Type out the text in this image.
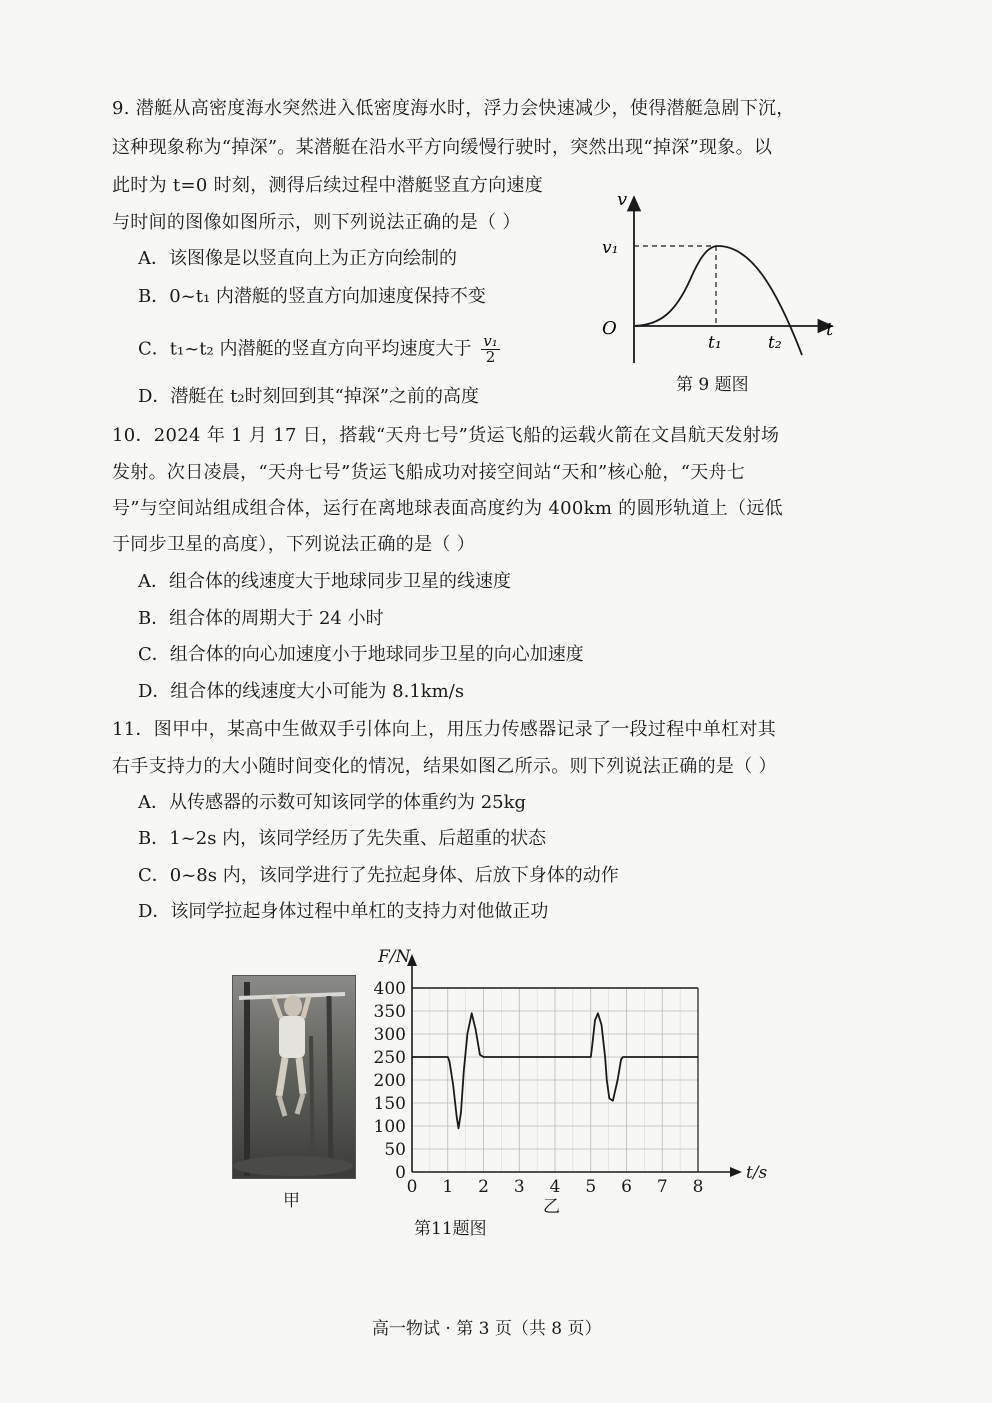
9. 潜艇从高密度海水突然进入低密度海水时，浮力会快速减少，使得潜艇急剧下沉，
这种现象称为“掉深”。某潜艇在沿水平方向缓慢行驶时，突然出现“掉深”现象。以
此时为 t=0 时刻，测得后续过程中潜艇竖直方向速度
与时间的图像如图所示，则下列说法正确的是（ ）
A．该图像是以竖直向上为正方向绘制的
B．0~t₁ 内潜艇的竖直方向加速度保持不变
C．t₁~t₂ 内潜艇的竖直方向平均速度大于 $\frac{\text{v₁}}{2}$
D．潜艇在 t₂时刻回到其“掉深”之前的高度
v
t
O
v₁
t₁	t₂
第 9 题图
10．2024 年 1 月 17 日，搭载“天舟七号”货运飞船的运载火箭在文昌航天发射场
发射。次日凌晨，“天舟七号”货运飞船成功对接空间站“天和”核心舱，“天舟七
号”与空间站组成组合体，运行在离地球表面高度约为 400km 的圆形轨道上（远低
于同步卫星的高度），下列说法正确的是（ ）
A．组合体的线速度大于地球同步卫星的线速度
B．组合体的周期大于 24 小时
C．组合体的向心加速度小于地球同步卫星的向心加速度
D．组合体的线速度大小可能为 8.1km/s
11．图甲中，某高中生做双手引体向上，用压力传感器记录了一段过程中单杠对其
右手支持力的大小随时间变化的情况，结果如图乙所示。则下列说法正确的是（ ）
A．从传感器的示数可知该同学的体重约为 25kg
B．1~2s 内，该同学经历了先失重、后超重的状态
C．0~8s 内，该同学进行了先拉起身体、后放下身体的动作
D．该同学拉起身体过程中单杠的支持力对他做正功
甲
0 1 2 3 4 5 6 7 8
0
50
100
150
200
250
300
350
400
F/N
t/s
乙
第11题图
高一物试 · 第 3 页（共 8 页）
